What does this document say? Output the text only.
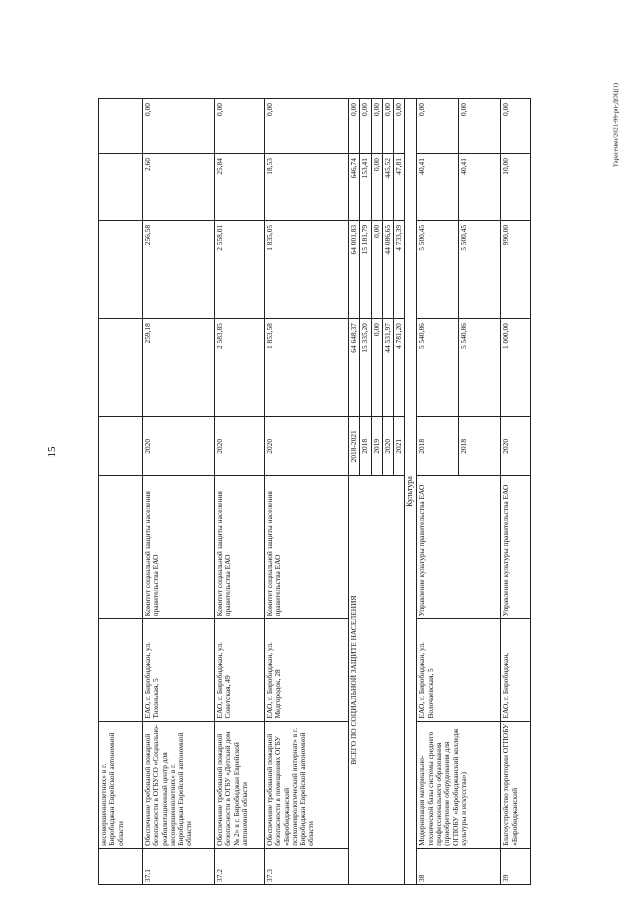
15
Тарасенко/2021-99-рп-ДОЦ(1)
	несовершеннолетних» в г. Биробиджан Еврейской автономной области							
37.1	Обеспечение требований пожарной безопасности в ОГБУСО «Социально-реабилитационный центр для несовершеннолетних» в г. Биробиджан Еврейской автономной области	ЕАО, г. Биробиджан, ул. Тихонькая, 5	Комитет социальной защиты населения правительства ЕАО	2020	259,18	256,58	2,60	0,00
37.2	Обеспечение требований пожарной безопасности в ОГБУ «Детский дом № 2» в г. Биробиджан Еврейской автономной области	ЕАО, г. Биробиджан, ул. Советская, 49	Комитет социальной защиты населения правительства ЕАО	2020	2 583,85	2 558,01	25,84	0,00
37.3	Обеспечение требований пожарной безопасности в помещениях ОГБУ «Биробиджанский психоневрологический интернат» в г. Биробиджан Еврейской автономной области	ЕАО, г. Биробиджан, ул. Медгородок, 28	Комитет социальной защиты населения правительства ЕАО	2020	1 853,58	1 835,05	18,53	0,00
ВСЕГО ПО СОЦИАЛЬНОЙ ЗАЩИТЕ НАСЕЛЕНИЯ				2018-2021	64 648,37	64 001,83	646,74	0,00
				2018	15 335,20	15 181,79	153,41	0,00
				2019	0,00	0,00	0,00	0,00
				2020	44 531,97	44 086,65	445,52	0,00
				2021	4 781,20	4 733,39	47,81	0,00
Культура								
38	Модернизация материально-технической базы системы среднего профессионального образования (приобретение оборудования для ОГПОБУ «Биробиджанский колледж культуры и искусства»)	ЕАО, г. Биробиджан, ул. Волочаевская, 5	Управление культуры правительства ЕАО	2018	5 540,86	5 500,45	40,41	0,00
				2018	5 540,86	5 500,45	40,41	0,00
39	Благоустройство территории ОГПОБУ «Биробиджанский	ЕАО, г. Биробиджан,	Управление культуры правительства ЕАО	2020	1 000,00	990,00	10,00	0,00
